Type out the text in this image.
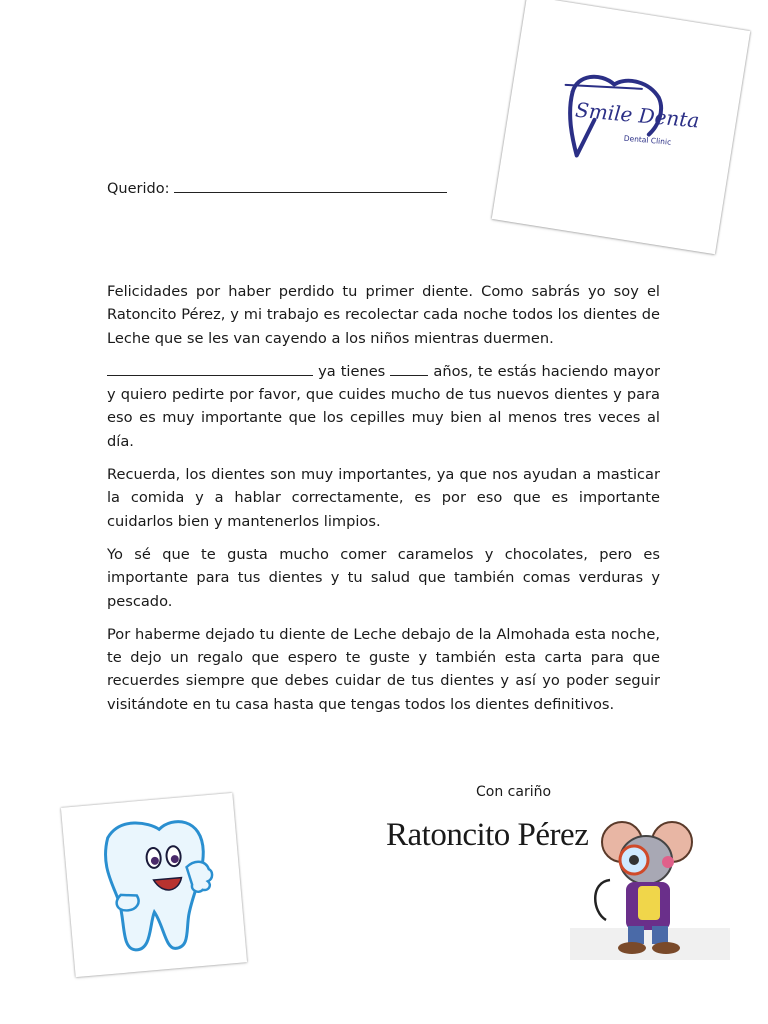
Smile Denta
Dental Clinic
Querido:

Felicidades por haber perdido tu primer diente. Como sabrás yo soy el Ratoncito Pérez, y mi trabajo es recolectar cada noche todos los dientes de Leche que se les van cayendo a los niños mientras duermen.

ya tienes	años, te estás haciendo mayor y quiero pedirte por favor, que cuides mucho de tus nuevos dientes y para eso es muy importante que los cepilles muy bien al menos tres veces al día.

Recuerda, los dientes son muy importantes, ya que nos ayudan a masticar la comida y a hablar correctamente, es por eso que es importante cuidarlos bien y mantenerlos limpios.

Yo sé que te gusta mucho comer caramelos y chocolates, pero es importante para tus dientes y tu salud que también comas verduras y pescado.

Por haberme dejado tu diente de Leche debajo de la Almohada esta noche, te dejo un regalo que espero te guste y también esta carta para que recuerdes siempre que debes cuidar de tus dientes y así yo poder seguir visitándote en tu casa hasta que tengas todos los dientes definitivos.

Con cariño
Ratoncito Pérez
